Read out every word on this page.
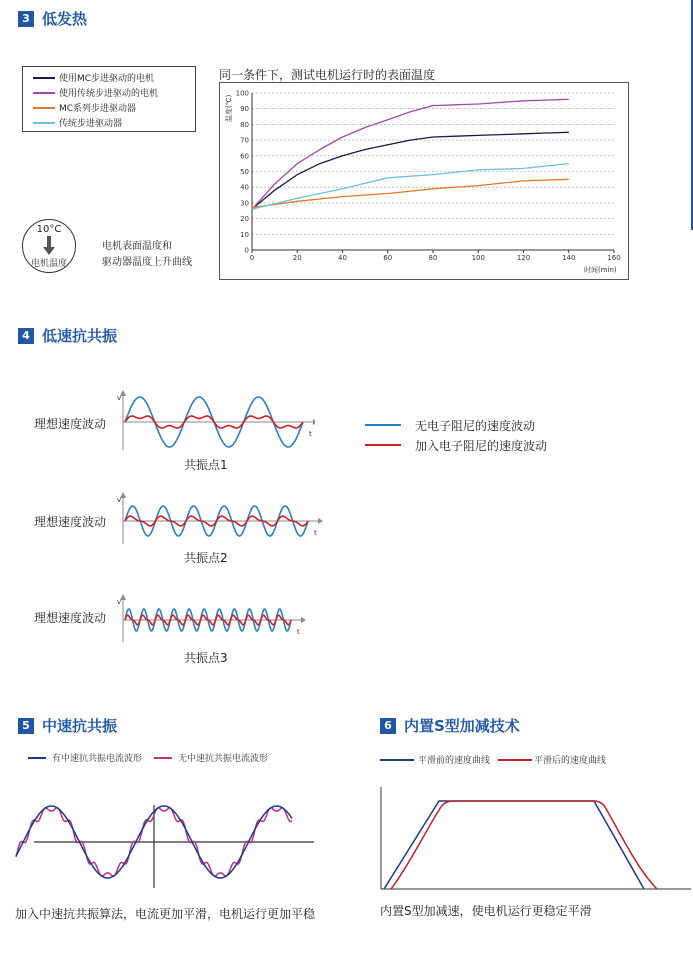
3 低发热
使用MC步进驱动的电机
使用传统步进驱动的电机
MC系列步进驱动器
传统步进驱动器
10°C
电机温度
电机表面温度和
驱动器温度上升曲线
同一条件下，测试电机运行时的表面温度
温度(℃)
时间(min)
0
10
20
30
40
50
60
70
80
90
100
0	20	40	60	80	100	120	140	160
4 低速抗共振
理想速度波动
理想速度波动
理想速度波动
v
t
v
t
v
t
共振点1
共振点2
共振点3
无电子阻尼的速度波动
加入电子阻尼的速度波动
5 中速抗共振
有中速抗共振电流波形	无中速抗共振电流波形
加入中速抗共振算法，电流更加平滑，电机运行更加平稳
6 内置S型加减技术
平滑前的速度曲线	平滑后的速度曲线
内置S型加减速，使电机运行更稳定平滑
